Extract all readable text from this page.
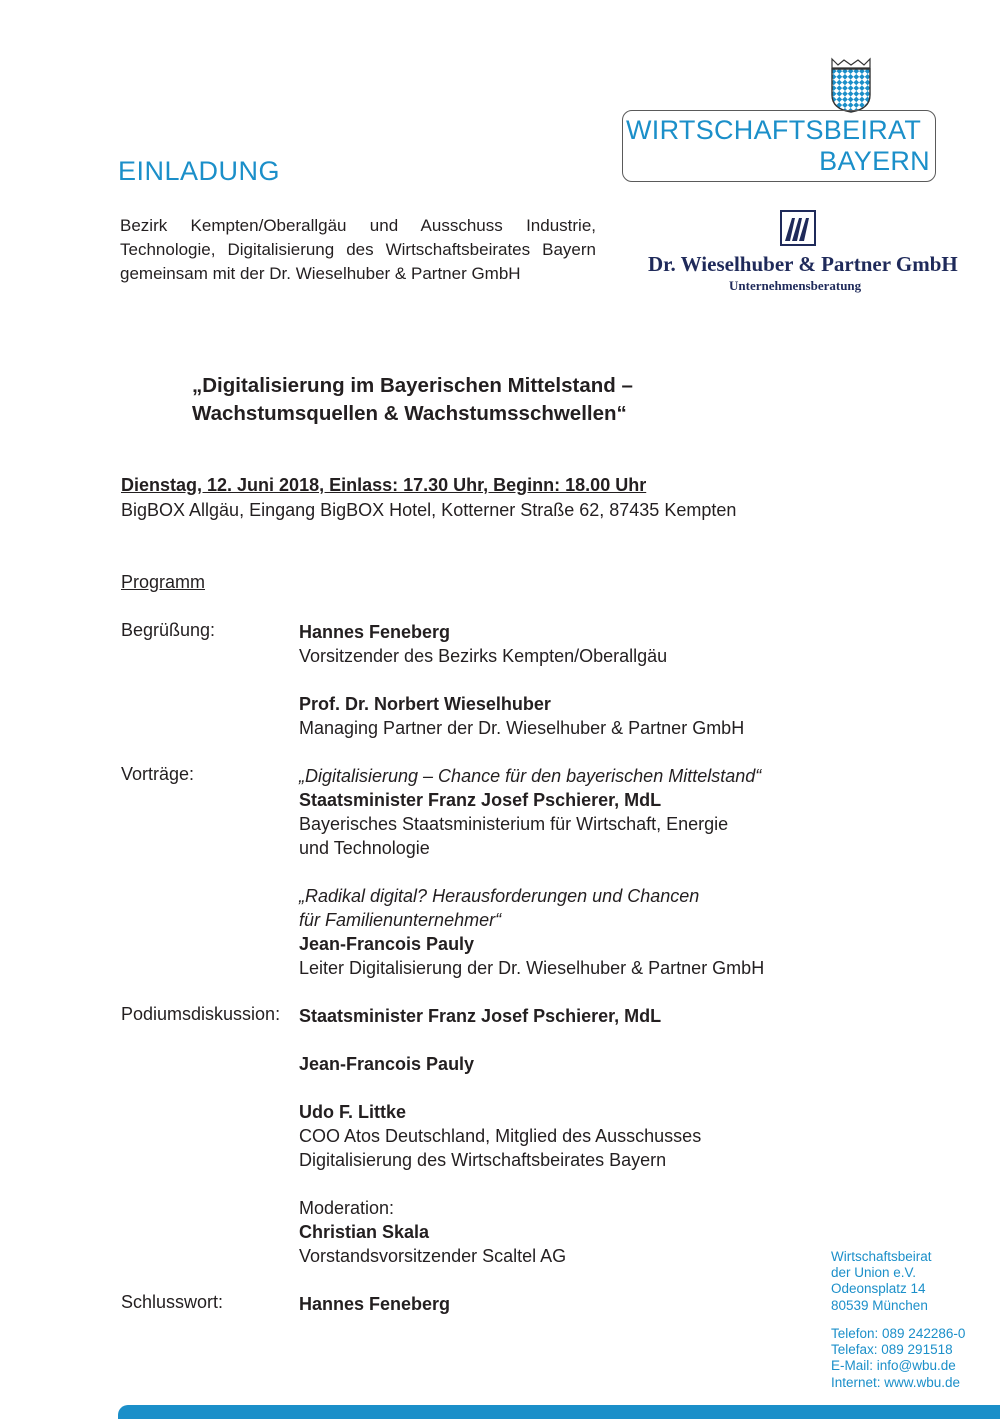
EINLADUNG
Bezirk Kempten/Oberallgäu und Ausschuss Industrie,
Technologie, Digitalisierung des Wirtschaftsbeirates Bayern
gemeinsam mit der Dr. Wieselhuber & Partner GmbH
WIRTSCHAFTSBEIRAT
BAYERN
Dr. Wieselhuber & Partner GmbH
Unternehmensberatung
„Digitalisierung im Bayerischen Mittelstand –
Wachstumsquellen & Wachstumsschwellen“
Dienstag, 12. Juni 2018, Einlass: 17.30 Uhr, Beginn: 18.00 Uhr
BigBOX Allgäu, Eingang BigBOX Hotel, Kotterner Straße 62, 87435 Kempten
Programm
Begrüßung:	Hannes Feneberg
Vorsitzender des Bezirks Kempten/Oberallgäu
Prof. Dr. Norbert Wieselhuber
Managing Partner der Dr. Wieselhuber & Partner GmbH
Vorträge:	„Digitalisierung – Chance für den bayerischen Mittelstand“
Staatsminister Franz Josef Pschierer, MdL
Bayerisches Staatsministerium für Wirtschaft, Energie
und Technologie
„Radikal digital? Herausforderungen und Chancen
für Familienunternehmer“
Jean-Francois Pauly
Leiter Digitalisierung der Dr. Wieselhuber & Partner GmbH
Podiumsdiskussion: Staatsminister Franz Josef Pschierer, MdL
Jean-Francois Pauly
Udo F. Littke
COO Atos Deutschland, Mitglied des Ausschusses
Digitalisierung des Wirtschaftsbeirates Bayern
Moderation:
Christian Skala
Vorstandsvorsitzender Scaltel AG
Schlusswort:	Hannes Feneberg
Wirtschaftsbeirat
der Union e.V.
Odeonsplatz 14
80539 München
Telefon: 089 242286-0
Telefax: 089 291518
E-Mail: info@wbu.de
Internet: www.wbu.de
